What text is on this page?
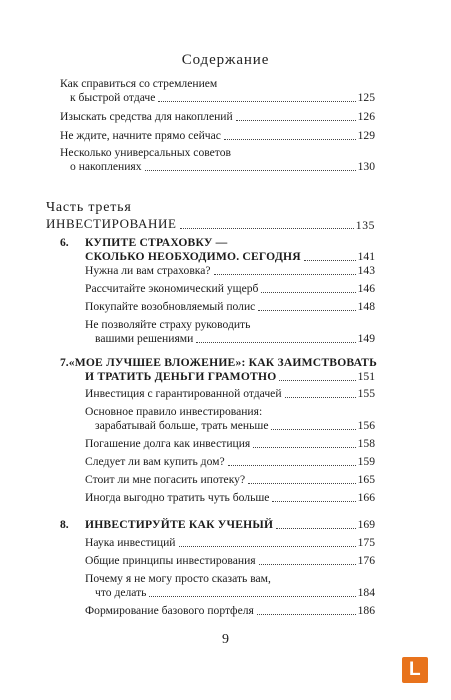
Содержание
Как справиться со стремлением
к быстрой отдаче	125
Изыскать средства для накоплений	126
Не ждите, начните прямо сейчас	129
Несколько универсальных советов
о накоплениях	130
Часть третья
ИНВЕСТИРОВАНИЕ	135
6.	КУПИТЕ СТРАХОВКУ —
СКОЛЬКО НЕОБХОДИМО. СЕГОДНЯ	141
Нужна ли вам страховка?	143
Рассчитайте экономический ущерб	146
Покупайте возобновляемый полис	148
Не позволяйте страху руководить
вашими решениями	149
7. «МОЕ ЛУЧШЕЕ ВЛОЖЕНИЕ»: КАК ЗАИМСТВОВАТЬ
И ТРАТИТЬ ДЕНЬГИ ГРАМОТНО	151
Инвестиция с гарантированной отдачей	155
Основное правило инвестирования:
зарабатывай больше, трать меньше	156
Погашение долга как инвестиция	158
Следует ли вам купить дом?	159
Стоит ли мне погасить ипотеку?	165
Иногда выгодно тратить чуть больше	166
8.	ИНВЕСТИРУЙТЕ КАК УЧЕНЫЙ	169
Наука инвестиций	175
Общие принципы инвестирования	176
Почему я не могу просто сказать вам,
что делать	184
Формирование базового портфеля	186
9
L
